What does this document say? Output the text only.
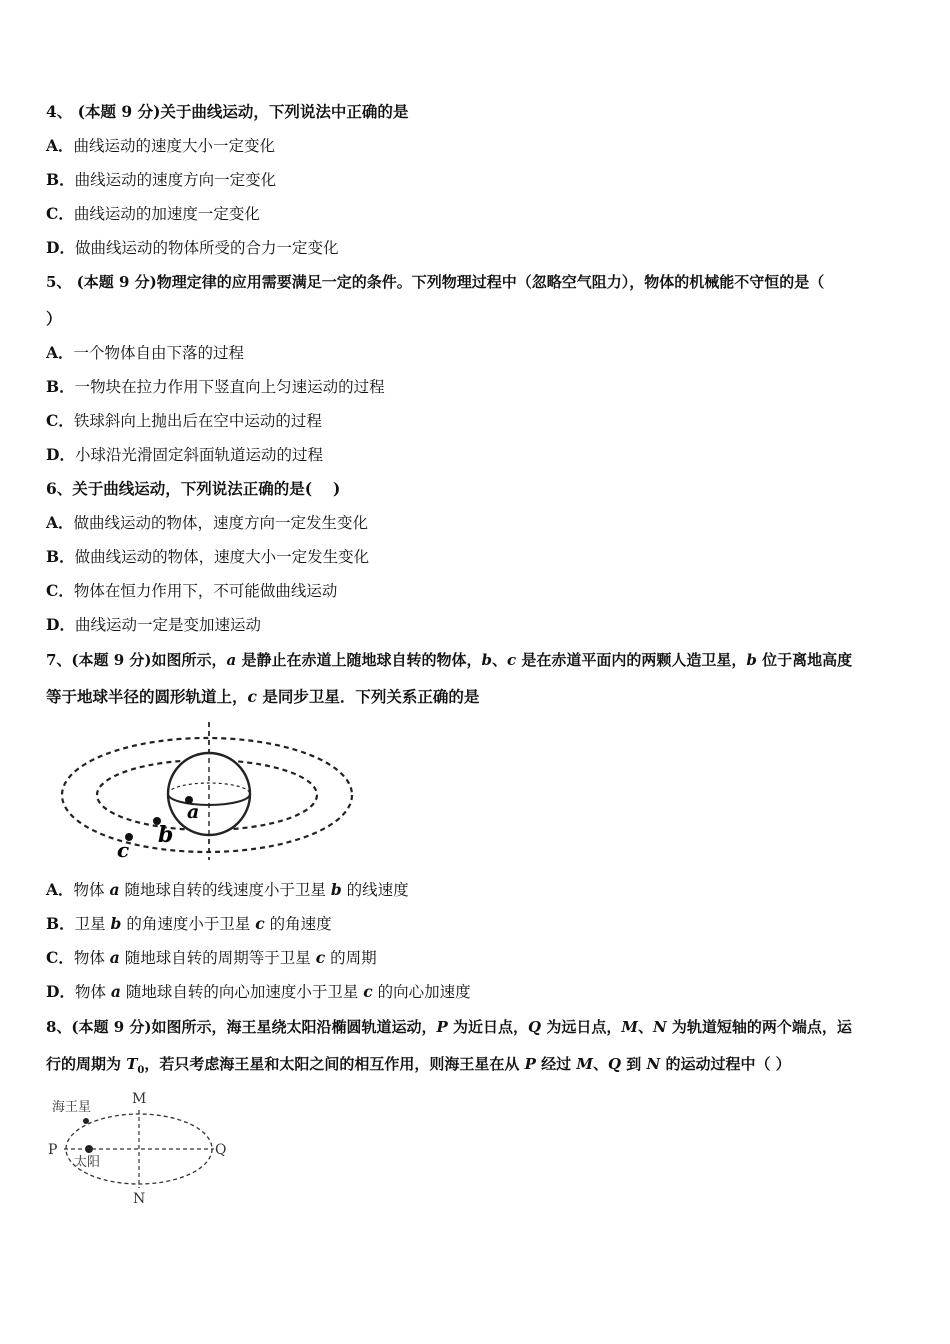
4、 (本题 9 分)关于曲线运动，下列说法中正确的是
A．曲线运动的速度大小一定变化
B．曲线运动的速度方向一定变化
C．曲线运动的加速度一定变化
D．做曲线运动的物体所受的合力一定变化
5、 (本题 9 分)物理定律的应用需要满足一定的条件。下列物理过程中（忽略空气阻力），物体的机械能不守恒的是（
）
A．一个物体自由下落的过程
B．一物块在拉力作用下竖直向上匀速运动的过程
C．铁球斜向上抛出后在空中运动的过程
D．小球沿光滑固定斜面轨道运动的过程
6、关于曲线运动，下列说法正确的是(　 )
A．做曲线运动的物体，速度方向一定发生变化
B．做曲线运动的物体，速度大小一定发生变化
C．物体在恒力作用下，不可能做曲线运动
D．曲线运动一定是变加速运动
7、(本题 9 分)如图所示，a 是静止在赤道上随地球自转的物体，b、c 是在赤道平面内的两颗人造卫星，b 位于离地高度
等于地球半径的圆形轨道上，c 是同步卫星．下列关系正确的是
a
b
c
A．物体 a 随地球自转的线速度小于卫星 b 的线速度
B．卫星 b 的角速度小于卫星 c 的角速度
C．物体 a 随地球自转的周期等于卫星 c 的周期
D．物体 a 随地球自转的向心加速度小于卫星 c 的向心加速度
8、(本题 9 分)如图所示，海王星绕太阳沿椭圆轨道运动，P 为近日点，Q 为远日点，M、N 为轨道短轴的两个端点，运
行的周期为 $T_0$，若只考虑海王星和太阳之间的相互作用，则海王星在从 P 经过 M、Q 到 N 的运动过程中（ ）
海王星
太阳
M
N
P	Q
